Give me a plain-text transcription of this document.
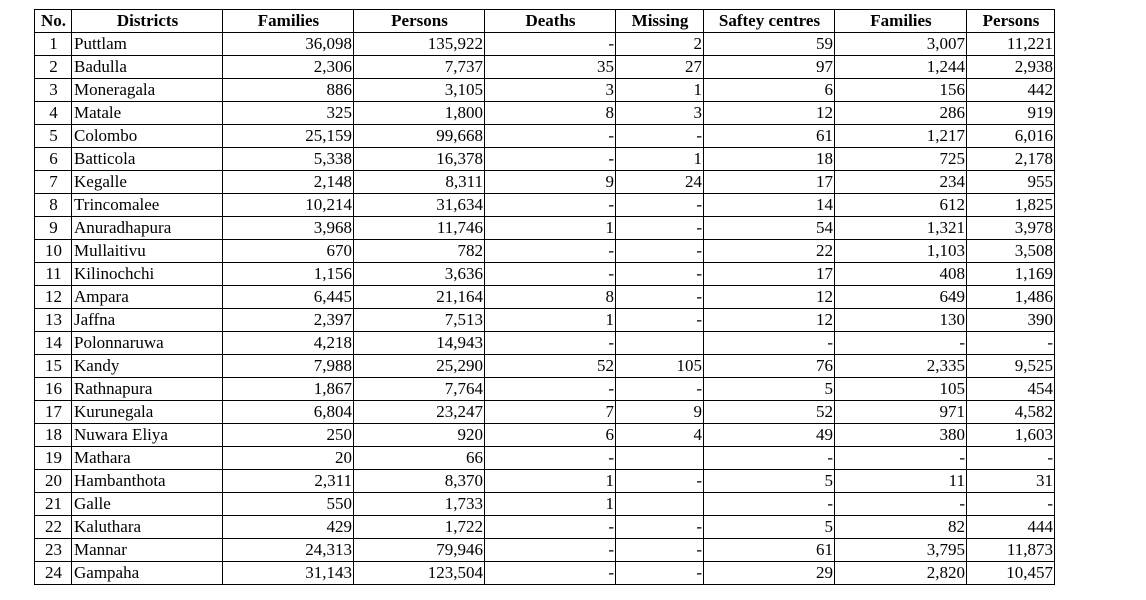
No.	Districts	Families	Persons	Deaths	Missing	Saftey centres	Families	Persons
1	Puttlam	36,098	135,922	-	2	59	3,007	11,221
2	Badulla	2,306	7,737	35	27	97	1,244	2,938
3	Moneragala	886	3,105	3	1	6	156	442
4	Matale	325	1,800	8	3	12	286	919
5	Colombo	25,159	99,668	-	-	61	1,217	6,016
6	Batticola	5,338	16,378	-	1	18	725	2,178
7	Kegalle	2,148	8,311	9	24	17	234	955
8	Trincomalee	10,214	31,634	-	-	14	612	1,825
9	Anuradhapura	3,968	11,746	1	-	54	1,321	3,978
10	Mullaitivu	670	782	-	-	22	1,103	3,508
11	Kilinochchi	1,156	3,636	-	-	17	408	1,169
12	Ampara	6,445	21,164	8	-	12	649	1,486
13	Jaffna	2,397	7,513	1	-	12	130	390
14	Polonnaruwa	4,218	14,943	-		-	-	-
15	Kandy	7,988	25,290	52	105	76	2,335	9,525
16	Rathnapura	1,867	7,764	-	-	5	105	454
17	Kurunegala	6,804	23,247	7	9	52	971	4,582
18	Nuwara Eliya	250	920	6	4	49	380	1,603
19	Mathara	20	66	-		-	-	-
20	Hambanthota	2,311	8,370	1	-	5	11	31
21	Galle	550	1,733	1		-	-	-
22	Kaluthara	429	1,722	-	-	5	82	444
23	Mannar	24,313	79,946	-	-	61	3,795	11,873
24	Gampaha	31,143	123,504	-	-	29	2,820	10,457
